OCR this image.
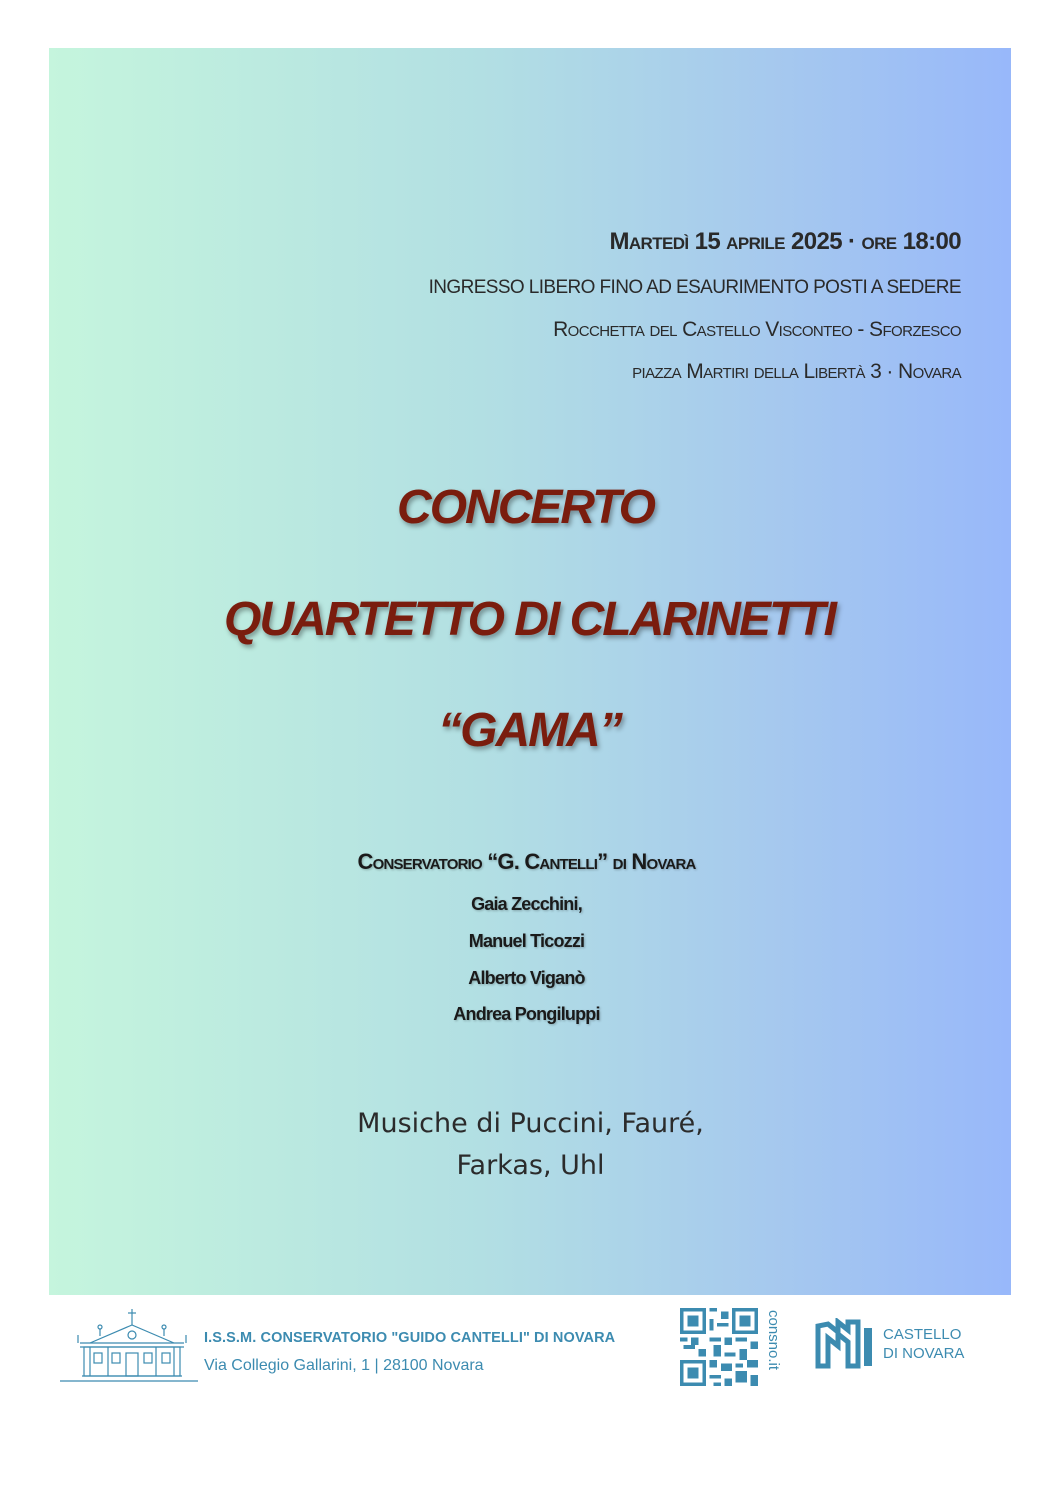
Martedì 15 aprile 2025 · ore 18:00
INGRESSO LIBERO FINO AD ESAURIMENTO POSTI A SEDERE
Rocchetta del Castello Visconteo - Sforzesco
piazza Martiri della Libertà 3 · Novara
CONCERTO
QUARTETTO DI CLARINETTI
“GAMA”
Conservatorio “G. Cantelli” di Novara
Gaia Zecchini,
Manuel Ticozzi
Alberto Viganò
Andrea Pongiluppi
Musiche di Puccini, Fauré,
Farkas, Uhl
I.S.S.M. CONSERVATORIO "GUIDO CANTELLI" DI NOVARA
Via Collegio Gallarini, 1 | 28100 Novara	consno.it	CASTELLO
DI NOVARA
